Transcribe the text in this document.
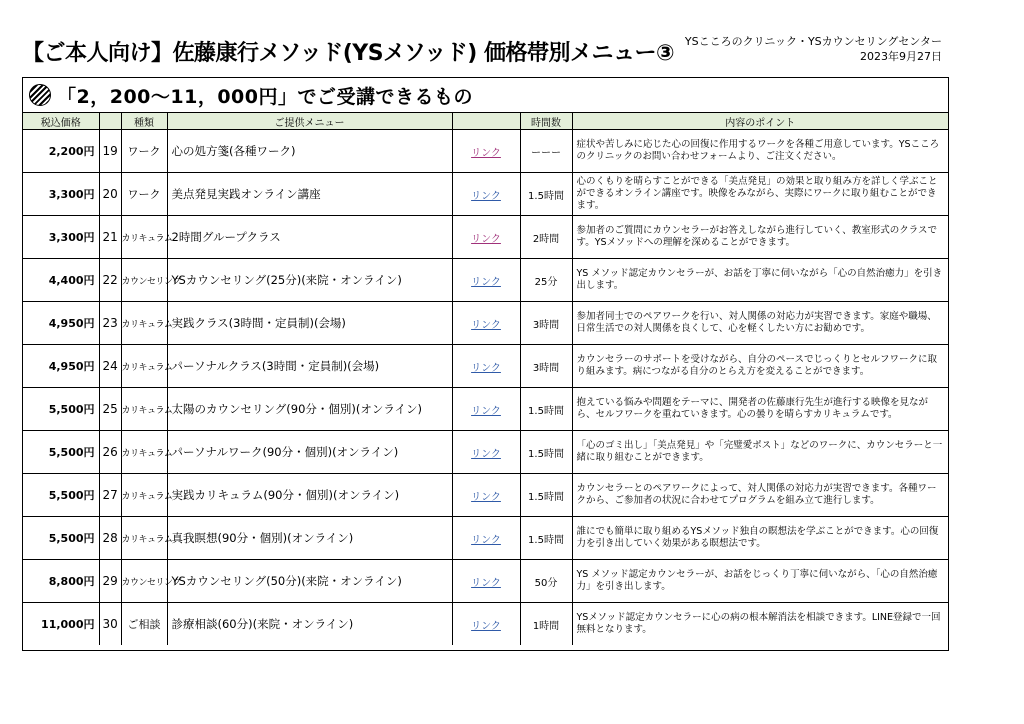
【ご本人向け】佐藤康行メソッド(YSメソッド) 価格帯別メニュー③ YSこころのクリニック・YSカウンセリングセンター
2023年9月27日
「2，200～11，000円」でご受講できるもの
税込価格		種類	ご提供メニュー		時間数	内容のポイント
2,200円	19	ワーク	心の処方箋(各種ワーク)	リンク	ーーー	症状や苦しみに応じた心の回復に作用するワークを各種ご用意しています。YSこころのクリニックのお問い合わせフォームより、ご注文ください。
3,300円	20	ワーク	美点発見実践オンライン講座	リンク	1.5時間	心のくもりを晴らすことができる「美点発見」の効果と取り組み方を詳しく学ぶことができるオンライン講座です。映像をみながら、実際にワークに取り組むことができます。
3,300円	21	カリキュラム	2時間グループクラス	リンク	2時間	参加者のご質問にカウンセラーがお答えしながら進行していく、教室形式のクラスです。YSメソッドへの理解を深めることができます。
4,400円	22	カウンセリング	YSカウンセリング(25分)(来院・オンライン)	リンク	25分	YS メソッド認定カウンセラーが、お話を丁寧に伺いながら「心の自然治癒力」を引き出します。
4,950円	23	カリキュラム	実践クラス(3時間・定員制)(会場)	リンク	3時間	参加者同士でのペアワークを行い、対人関係の対応力が実習できます。家庭や職場、日常生活での対人関係を良くして、心を軽くしたい方にお勧めです。
4,950円	24	カリキュラム	パーソナルクラス(3時間・定員制)(会場)	リンク	3時間	カウンセラーのサポートを受けながら、自分のペースでじっくりとセルフワークに取り組みます。病につながる自分のとらえ方を変えることができます。
5,500円	25	カリキュラム	太陽のカウンセリング(90分・個別)(オンライン)	リンク	1.5時間	抱えている悩みや問題をテーマに、開発者の佐藤康行先生が進行する映像を見ながら、セルフワークを重ねていきます。心の曇りを晴らすカリキュラムです。
5,500円	26	カリキュラム	パーソナルワーク(90分・個別)(オンライン)	リンク	1.5時間	「心のゴミ出し」「美点発見」や「完璧愛ポスト」などのワークに、カウンセラーと一緒に取り組むことができます。
5,500円	27	カリキュラム	実践カリキュラム(90分・個別)(オンライン)	リンク	1.5時間	カウンセラーとのペアワークによって、対人関係の対応力が実習できます。各種ワークから、ご参加者の状況に合わせてプログラムを組み立て進行します。
5,500円	28	カリキュラム	真我瞑想(90分・個別)(オンライン)	リンク	1.5時間	誰にでも簡単に取り組めるYSメソッド独自の瞑想法を学ぶことができます。心の回復力を引き出していく効果がある瞑想法です。
8,800円	29	カウンセリング	YSカウンセリング(50分)(来院・オンライン)	リンク	50分	YS メソッド認定カウンセラーが、お話をじっくり丁寧に伺いながら、「心の自然治癒力」を引き出します。
11,000円	30	ご相談	診療相談(60分)(来院・オンライン)	リンク	1時間	YSメソッド認定カウンセラーに心の病の根本解消法を相談できます。LINE登録で一回無料となります。
